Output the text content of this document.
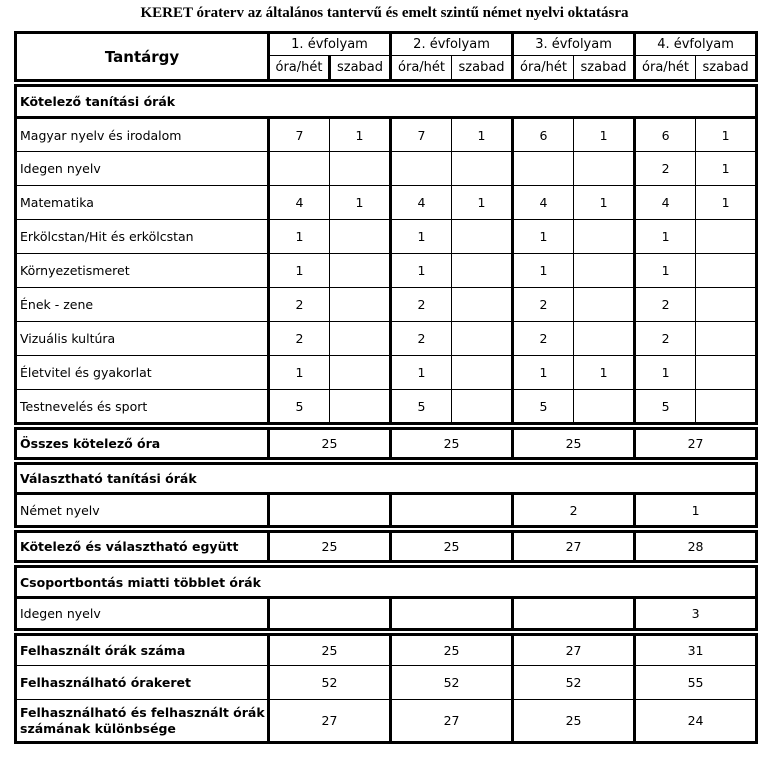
KERET óraterv az általános tantervű és emelt szintű német nyelvi oktatásra
Tantárgy	1. évfolyam		2. évfolyam		3. évfolyam		4. évfolyam	
	óra/hét	szabad	óra/hét	szabad	óra/hét	szabad	óra/hét	szabad

Kötelező tanítási órák								
Magyar nyelv és irodalom	7	1	7	1	6	1	6	1
Idegen nyelv							2	1
Matematika	4	1	4	1	4	1	4	1
Erkölcstan/Hit és erkölcstan	1		1		1		1	
Környezetismeret	1		1		1		1	
Ének - zene	2		2		2		2	
Vizuális kultúra	2		2		2		2	
Életvitel és gyakorlat	1		1		1	1	1	
Testnevelés és sport	5		5		5		5	

Összes kötelező óra	25		25		25		27	

Választható tanítási órák								
Német nyelv					2		1	

Kötelező és választható együtt	25		25		27		28	

Csoportbontás miatti többlet órák								
Idegen nyelv							3	

Felhasznált órák száma	25		25		27		31	
Felhasználható órakeret	52		52		52		55	
Felhasználható és felhasznált órák
számának különbsége	27		27		25		24	
